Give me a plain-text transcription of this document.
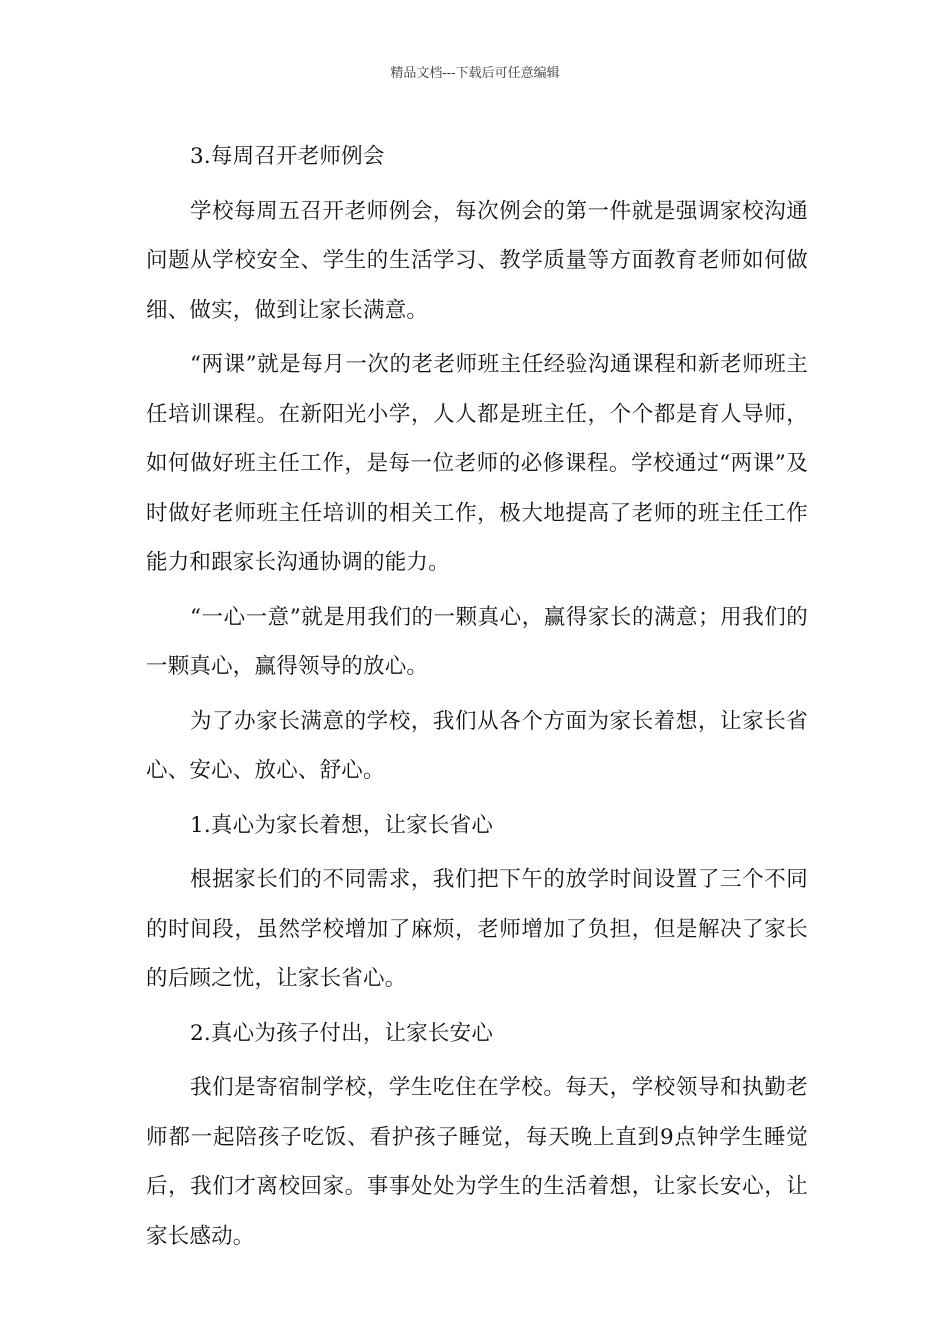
精品文档---下载后可任意编辑

3.每周召开老师例会

学校每周五召开老师例会，每次例会的第一件就是强调家校沟通问题从学校安全、学生的生活学习、教学质量等方面教育老师如何做细、做实，做到让家长满意。

“两课”就是每月一次的老老师班主任经验沟通课程和新老师班主任培训课程。在新阳光小学，人人都是班主任，个个都是育人导师，如何做好班主任工作，是每一位老师的必修课程。学校通过“两课”及时做好老师班主任培训的相关工作，极大地提高了老师的班主任工作能力和跟家长沟通协调的能力。

“一心一意”就是用我们的一颗真心，赢得家长的满意；用我们的一颗真心，赢得领导的放心。

为了办家长满意的学校，我们从各个方面为家长着想，让家长省心、安心、放心、舒心。

1.真心为家长着想，让家长省心

根据家长们的不同需求，我们把下午的放学时间设置了三个不同的时间段，虽然学校增加了麻烦，老师增加了负担，但是解决了家长的后顾之忧，让家长省心。

2.真心为孩子付出，让家长安心

我们是寄宿制学校，学生吃住在学校。每天，学校领导和执勤老师都一起陪孩子吃饭、看护孩子睡觉，每天晚上直到9点钟学生睡觉后，我们才离校回家。事事处处为学生的生活着想，让家长安心，让家长感动。
